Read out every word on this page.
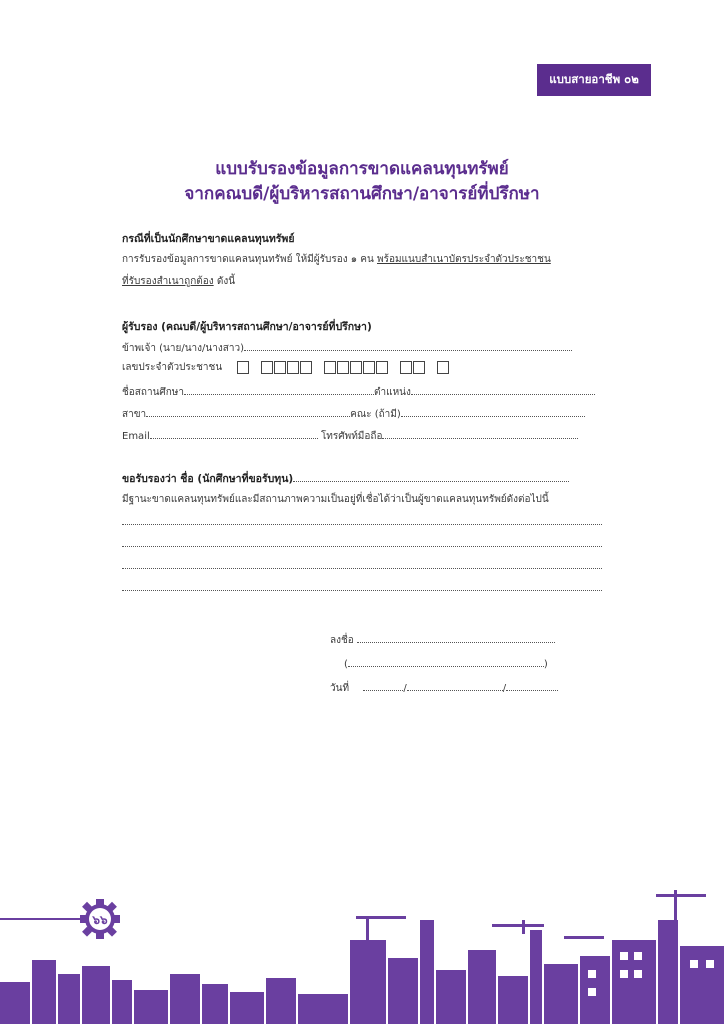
แบบสายอาชีพ ๐๒
แบบรับรองข้อมูลการขาดแคลนทุนทรัพย์
จากคณบดี/ผู้บริหารสถานศึกษา/อาจารย์ที่ปรึกษา
กรณีที่เป็นนักศึกษาขาดแคลนทุนทรัพย์
การรับรองข้อมูลการขาดแคลนทุนทรัพย์ ให้มีผู้รับรอง ๑ คน พร้อมแนบสำเนาบัตรประจำตัวประชาชน
ที่รับรองสำเนาถูกต้อง ดังนี้
ผู้รับรอง (คณบดี/ผู้บริหารสถานศึกษา/อาจารย์ที่ปรึกษา)
ข้าพเจ้า (นาย/นาง/นางสาว)
เลขประจำตัวประชาชน
ชื่อสถานศึกษา	ตำแหน่ง
สาขา	คณะ (ถ้ามี)
Email	โทรศัพท์มือถือ
ขอรับรองว่า ชื่อ (นักศึกษาที่ขอรับทุน)
มีฐานะขาดแคลนทุนทรัพย์และมีสถานภาพความเป็นอยู่ที่เชื่อได้ว่าเป็นผู้ขาดแคลนทุนทรัพย์ดังต่อไปนี้
ลงชื่อ
(	)
วันที่	/	/
๖๖
